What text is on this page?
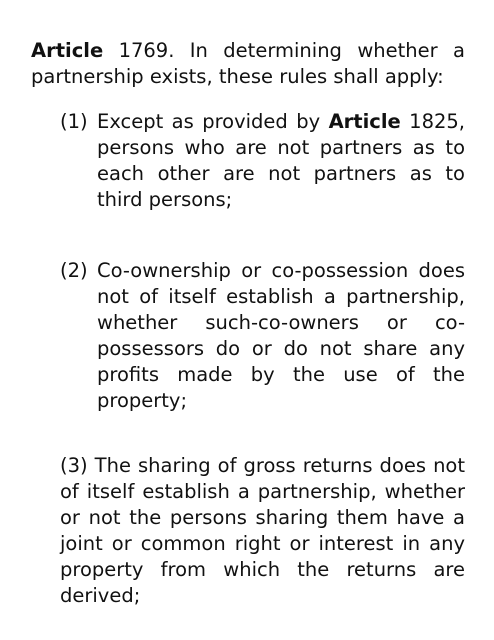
Article 1769. In determining whether a partnership exists, these rules shall apply:

(1) Except as provided by Article 1825, persons who are not partners as to each other are not partners as to third persons;

(2) Co-ownership or co-possession does not of itself establish a partnership, whether such-co-owners or co-possessors do or do not share any profits made by the use of the property;

(3) The sharing of gross returns does not of itself establish a partnership, whether or not the persons sharing them have a joint or common right or interest in any property from which the returns are derived;
